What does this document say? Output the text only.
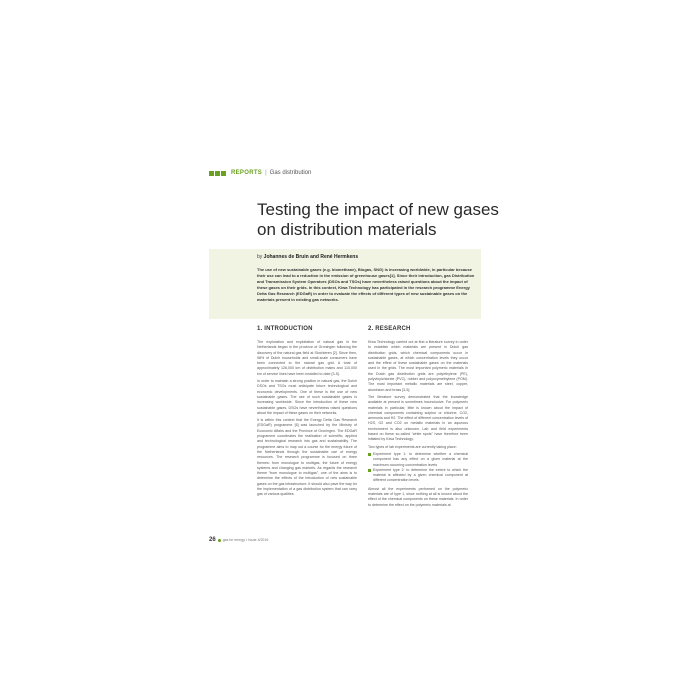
REPORTS | Gas distribution
Testing the impact of new gases on distribution materials
by Johannes de Bruin and René Hermkens

The use of new sustainable gases (e.g. biomethane), Biogas, SNG) is increasing worldwide, in particular because their use can lead to a reduction in the emission of greenhouse gases[1]. Since their introduction, gas Distribution and Transmission System Operators (DSOs and TSOs) have nevertheless raised questions about the impact of these gases on their grids. In this context, Kiwa Technology has participated in the research programme Energy Delta Gas Research (EDGaR) in order to evaluate the effects of different types of new sustainable gases on the materials present in existing gas networks.

1. INTRODUCTION

The exploration and exploitation of natural gas in the Netherlands began in the province of Groningen following the discovery of the natural gas field at Slochteren [2]. Since then, 98% of Dutch households and small-scale consumers have been connected to the natural gas grid. A total of approximately 126,000 km of distribution mains and 110,000 km of service lines have been installed to date [3-5].

In order to maintain a strong position in natural gas, the Dutch DSOs and TSOs must anticipate future technological and economic developments. One of these is the use of new sustainable gases. The use of such sustainable gases is increasing worldwide. Since the introduction of these new sustainable gases, DSOs have nevertheless raised questions about the impact of these gases on their networks.

It is within this context that the Energy Delta Gas Research (EDGaR) programme [6] was launched by the Ministry of Economic Affairs and the Province of Groningen. The EDGaR programme coordinates the realisation of scientific, applied and technological research into gas and sustainability. The programme aims to map out a course for the energy future of the Netherlands through the sustainable use of energy resources. The research programme is focused on three themes: from monologue to multigas, the future of energy systems and changing gas markets. As regards the research theme “from monologue to multigas”, one of the aims is to determine the effects of the introduction of new sustainable gases on the gas infrastructure. It should also pave the way for the implementation of a gas distribution system that can carry gas of various qualities.

2. RESEARCH

Kiwa Technology carried out at first a literature survey in order to establish which materials are present in Dutch gas distribution grids, which chemical components occur in sustainable gases, at which concentration levels they occur and the effect of these sustainable gases on the materials used in the grids. The most important polymeric materials in the Dutch gas distribution grids are polyethylene (PE), polyvinylchloride (PVC), rubber and polyoxymethylene (POM). The most important metallic materials are steel, copper, aluminium and brass [3-5].

The literature survey demonstrated that the knowledge available at present is sometimes inconclusive. For polymeric materials in particular, little is known about the impact of chemical components containing sulphur or chlorine, CO2, ammonia and H2. The effect of different concentration levels of H2S, O2 and CO2 on metallic materials in an aqueous environment is also unknown. Lab and field experiments based on these so-called “white spots” have therefore been initiated by Kiwa Technology.

Two types of lab experiments are currently taking place:

Experiment type 1: to determine whether a chemical component has any effect on a given material at the maximum occurring concentration levels
Experiment type 2: to determine the extent to which the material is affected by a given chemical component at different concentration levels

Almost all the experiments performed on the polymeric materials are of type 1, since nothing at all is known about the effect of the chemical components on these materials. In order to determine the effect on the polymeric materials at

26 gas for energy • Issue 4/2016
